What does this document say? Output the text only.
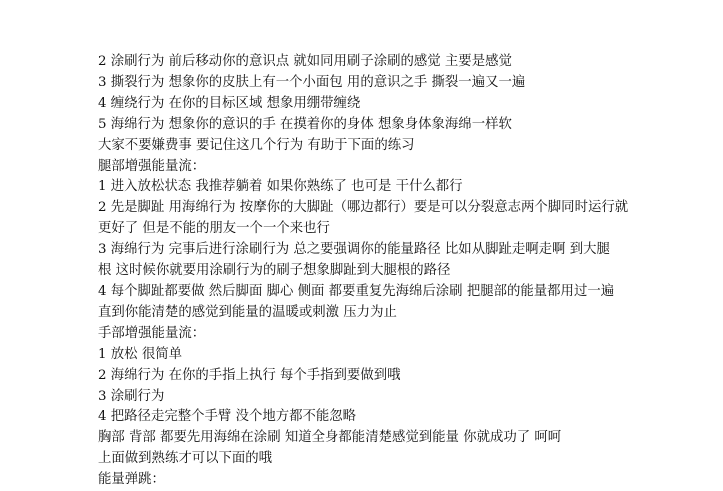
2 涂刷行为 前后移动你的意识点 就如同用刷子涂刷的感觉 主要是感觉
3 撕裂行为 想象你的皮肤上有一个小面包 用的意识之手 撕裂一遍又一遍
4 缠绕行为 在你的目标区域 想象用绷带缠绕
5 海绵行为 想象你的意识的手 在摸着你的身体 想象身体象海绵一样软
大家不要嫌费事 要记住这几个行为 有助于下面的练习
腿部增强能量流：
1 进入放松状态 我推荐躺着 如果你熟练了 也可是 干什么都行
2 先是脚趾 用海绵行为 按摩你的大脚趾（哪边都行）要是可以分裂意志两个脚同时运行就
更好了 但是不能的朋友一个一个来也行
3 海绵行为 完事后进行涂刷行为 总之要强调你的能量路径 比如从脚趾走啊走啊 到大腿
根 这时候你就要用涂刷行为的刷子想象脚趾到大腿根的路径
4 每个脚趾都要做 然后脚面 脚心 侧面 都要重复先海绵后涂刷 把腿部的能量都用过一遍
直到你能清楚的感觉到能量的温暖或刺激 压力为止
手部增强能量流：
1 放松 很简单
2 海绵行为 在你的手指上执行 每个手指到要做到哦
3 涂刷行为
4 把路径走完整个手臂 没个地方都不能忽略
胸部 背部 都要先用海绵在涂刷 知道全身都能清楚感觉到能量 你就成功了 呵呵
上面做到熟练才可以下面的哦
能量弹跳：
